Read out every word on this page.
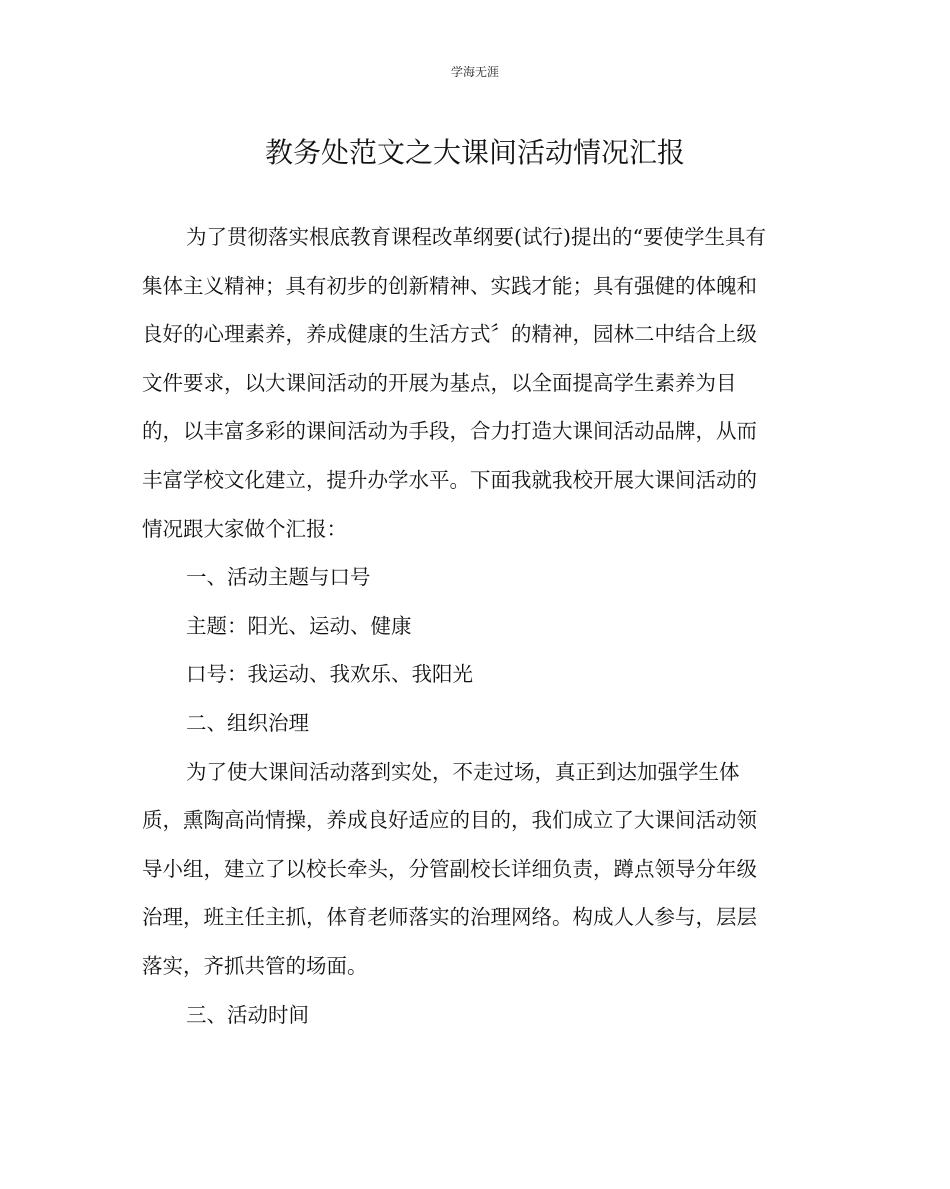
学海无涯
教务处范文之大课间活动情况汇报

为了贯彻落实根底教育课程改革纲要(试行)提出的“要使学生具有

集体主义精神；具有初步的创新精神、实践才能；具有强健的体魄和

良好的心理素养，养成健康的生活方式〞的精神，园林二中结合上级

文件要求，以大课间活动的开展为基点，以全面提高学生素养为目

的，以丰富多彩的课间活动为手段，合力打造大课间活动品牌，从而

丰富学校文化建立，提升办学水平。下面我就我校开展大课间活动的

情况跟大家做个汇报：

一、活动主题与口号

主题：阳光、运动、健康

口号：我运动、我欢乐、我阳光

二、组织治理

为了使大课间活动落到实处，不走过场，真正到达加强学生体

质，熏陶高尚情操，养成良好适应的目的，我们成立了大课间活动领

导小组，建立了以校长牵头，分管副校长详细负责，蹲点领导分年级

治理，班主任主抓，体育老师落实的治理网络。构成人人参与，层层

落实，齐抓共管的场面。

三、活动时间
